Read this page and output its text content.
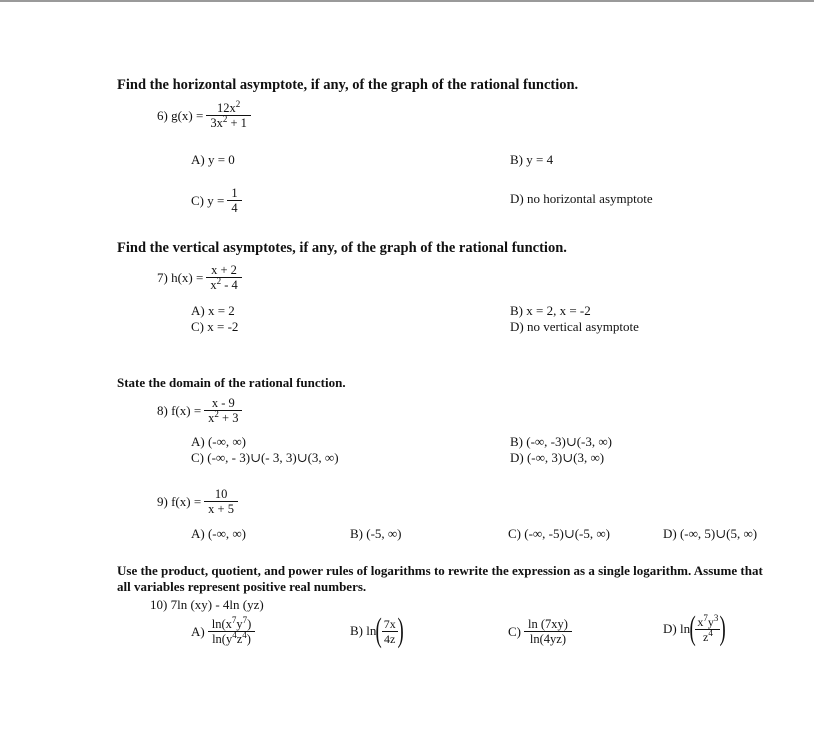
Find the horizontal asymptote, if any, of the graph of the rational function.
6) $g(x) = \frac{12x^2}{3x^2 + 1}$
A) y = 0	B) y = 4
C) $y = \frac{1}{4}$	D) no horizontal asymptote
Find the vertical asymptotes, if any, of the graph of the rational function.
7) $h(x) = \frac{x + 2}{x^2 - 4}$
A) x = 2	B) x = 2, x = -2
C) x = -2	D) no vertical asymptote
State the domain of the rational function.
8) $f(x) = \frac{x - 9}{x^2 + 3}$
A) (-∞, ∞)	B) (-∞, -3)∪(-3, ∞)
C) (-∞, - 3)∪(- 3, 3)∪(3, ∞)	D) (-∞, 3)∪(3, ∞)
9) $f(x) = \frac{10}{x + 5}$
A) (-∞, ∞)	B) (-5, ∞)	C) (-∞, -5)∪(-5, ∞)	D) (-∞, 5)∪(5, ∞)
Use the product, quotient, and power rules of logarithms to rewrite the expression as a single logarithm. Assume that
all variables represent positive real numbers.
10) 7ln (xy) - 4ln (yz)
$A) \frac{\ln(x^7y^7)}{\ln(y^4z^4)}$	B) $\ln( \frac{7x}{4z}$ )	$C) \frac{\ln (7xy)}{\ln(4yz)}$	D) $\ln( \frac{x^7y^3}{z^4}$ )
